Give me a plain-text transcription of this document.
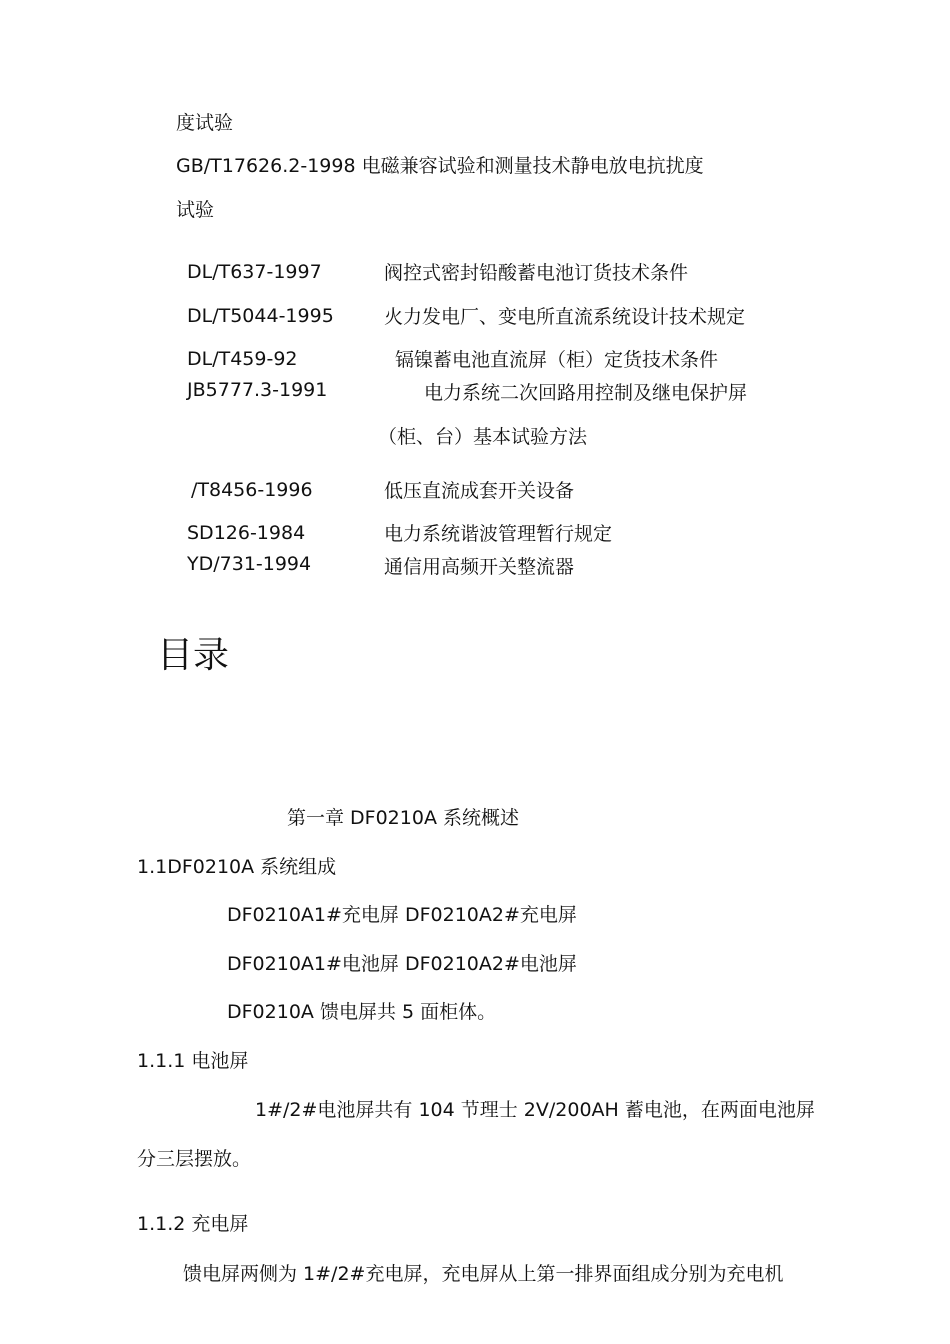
度试验
GB/T17626.2-1998 电磁兼容试验和测量技术静电放电抗扰度
试验
DL/T637-1997	阀控式密封铅酸蓄电池订货技术条件
DL/T5044-1995	火力发电厂、变电所直流系统设计技术规定
DL/T459-92	镉镍蓄电池直流屏（柜）定货技术条件
JB5777.3-1991	电力系统二次回路用控制及继电保护屏
（柜、台）基本试验方法
/T8456-1996	低压直流成套开关设备
SD126-1984	电力系统谐波管理暂行规定
YD/731-1994	通信用高频开关整流器
目录
第一章 DF0210A 系统概述
1.1DF0210A 系统组成
DF0210A1#充电屏 DF0210A2#充电屏
DF0210A1#电池屏 DF0210A2#电池屏
DF0210A 馈电屏共 5 面柜体。
1.1.1 电池屏
1#/2#电池屏共有 104 节理士 2V/200AH 蓄电池，在两面电池屏
分三层摆放。
1.1.2 充电屏
馈电屏两侧为 1#/2#充电屏，充电屏从上第一排界面组成分别为充电机
